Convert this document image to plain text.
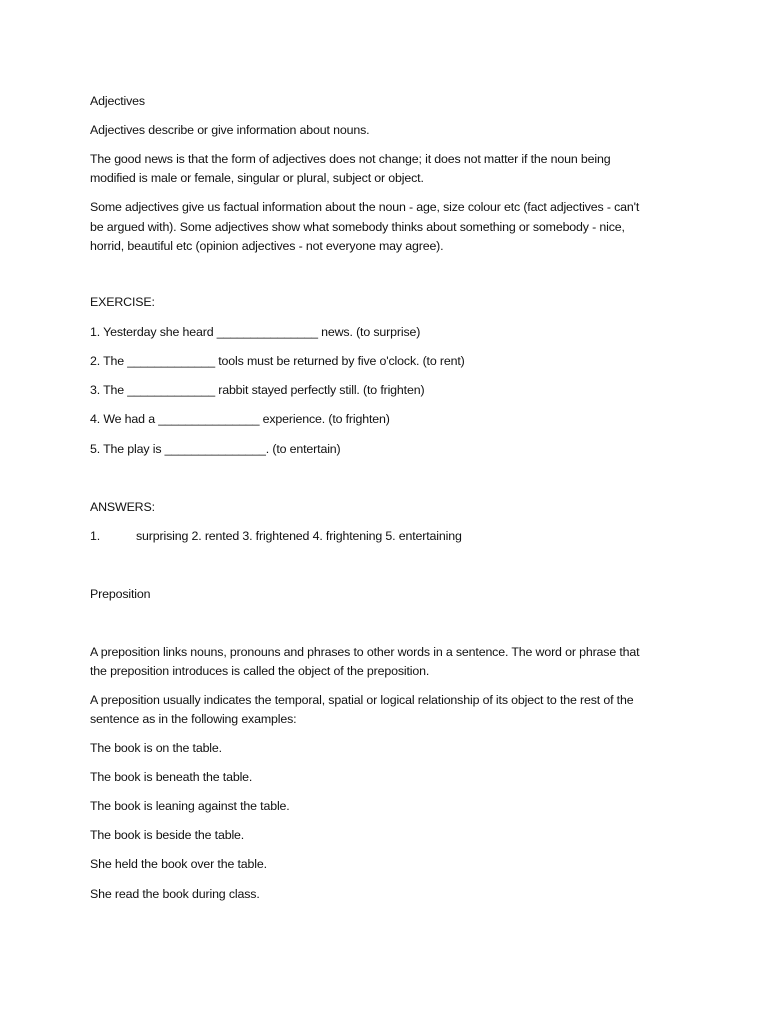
Adjectives
Adjectives describe or give information about nouns.
The good news is that the form of adjectives does not change; it does not matter if the noun being
modified is male or female, singular or plural, subject or object.
Some adjectives give us factual information about the noun - age, size colour etc (fact adjectives - can't
be argued with). Some adjectives show what somebody thinks about something or somebody - nice,
horrid, beautiful etc (opinion adjectives - not everyone may agree).
EXERCISE:
1. Yesterday she heard _______________ news. (to surprise)
2. The _____________ tools must be returned by five o'clock. (to rent)
3. The _____________ rabbit stayed perfectly still. (to frighten)
4. We had a _______________ experience. (to frighten)
5. The play is _______________. (to entertain)
ANSWERS:
1.	surprising 2. rented 3. frightened 4. frightening 5. entertaining
Preposition
A preposition links nouns, pronouns and phrases to other words in a sentence. The word or phrase that
the preposition introduces is called the object of the preposition.
A preposition usually indicates the temporal, spatial or logical relationship of its object to the rest of the
sentence as in the following examples:
The book is on the table.
The book is beneath the table.
The book is leaning against the table.
The book is beside the table.
She held the book over the table.
She read the book during class.
